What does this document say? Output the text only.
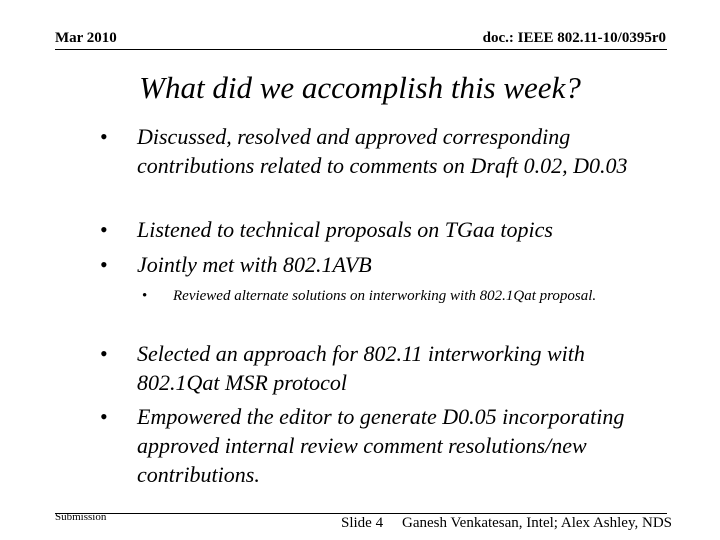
Mar 2010	doc.: IEEE 802.11-10/0395r0
What did we accomplish this week?
• Discussed, resolved and approved corresponding contributions related to comments on Draft 0.02, D0.03
• Listened to technical proposals on TGaa topics
• Jointly met with 802.1AVB
• Reviewed alternate solutions on interworking with 802.1Qat proposal.
• Selected an approach for 802.11 interworking with 802.1Qat MSR protocol
• Empowered the editor to generate D0.05 incorporating approved internal review comment resolutions/new contributions.
Submission	Slide 4 Ganesh Venkatesan, Intel; Alex Ashley, NDS
